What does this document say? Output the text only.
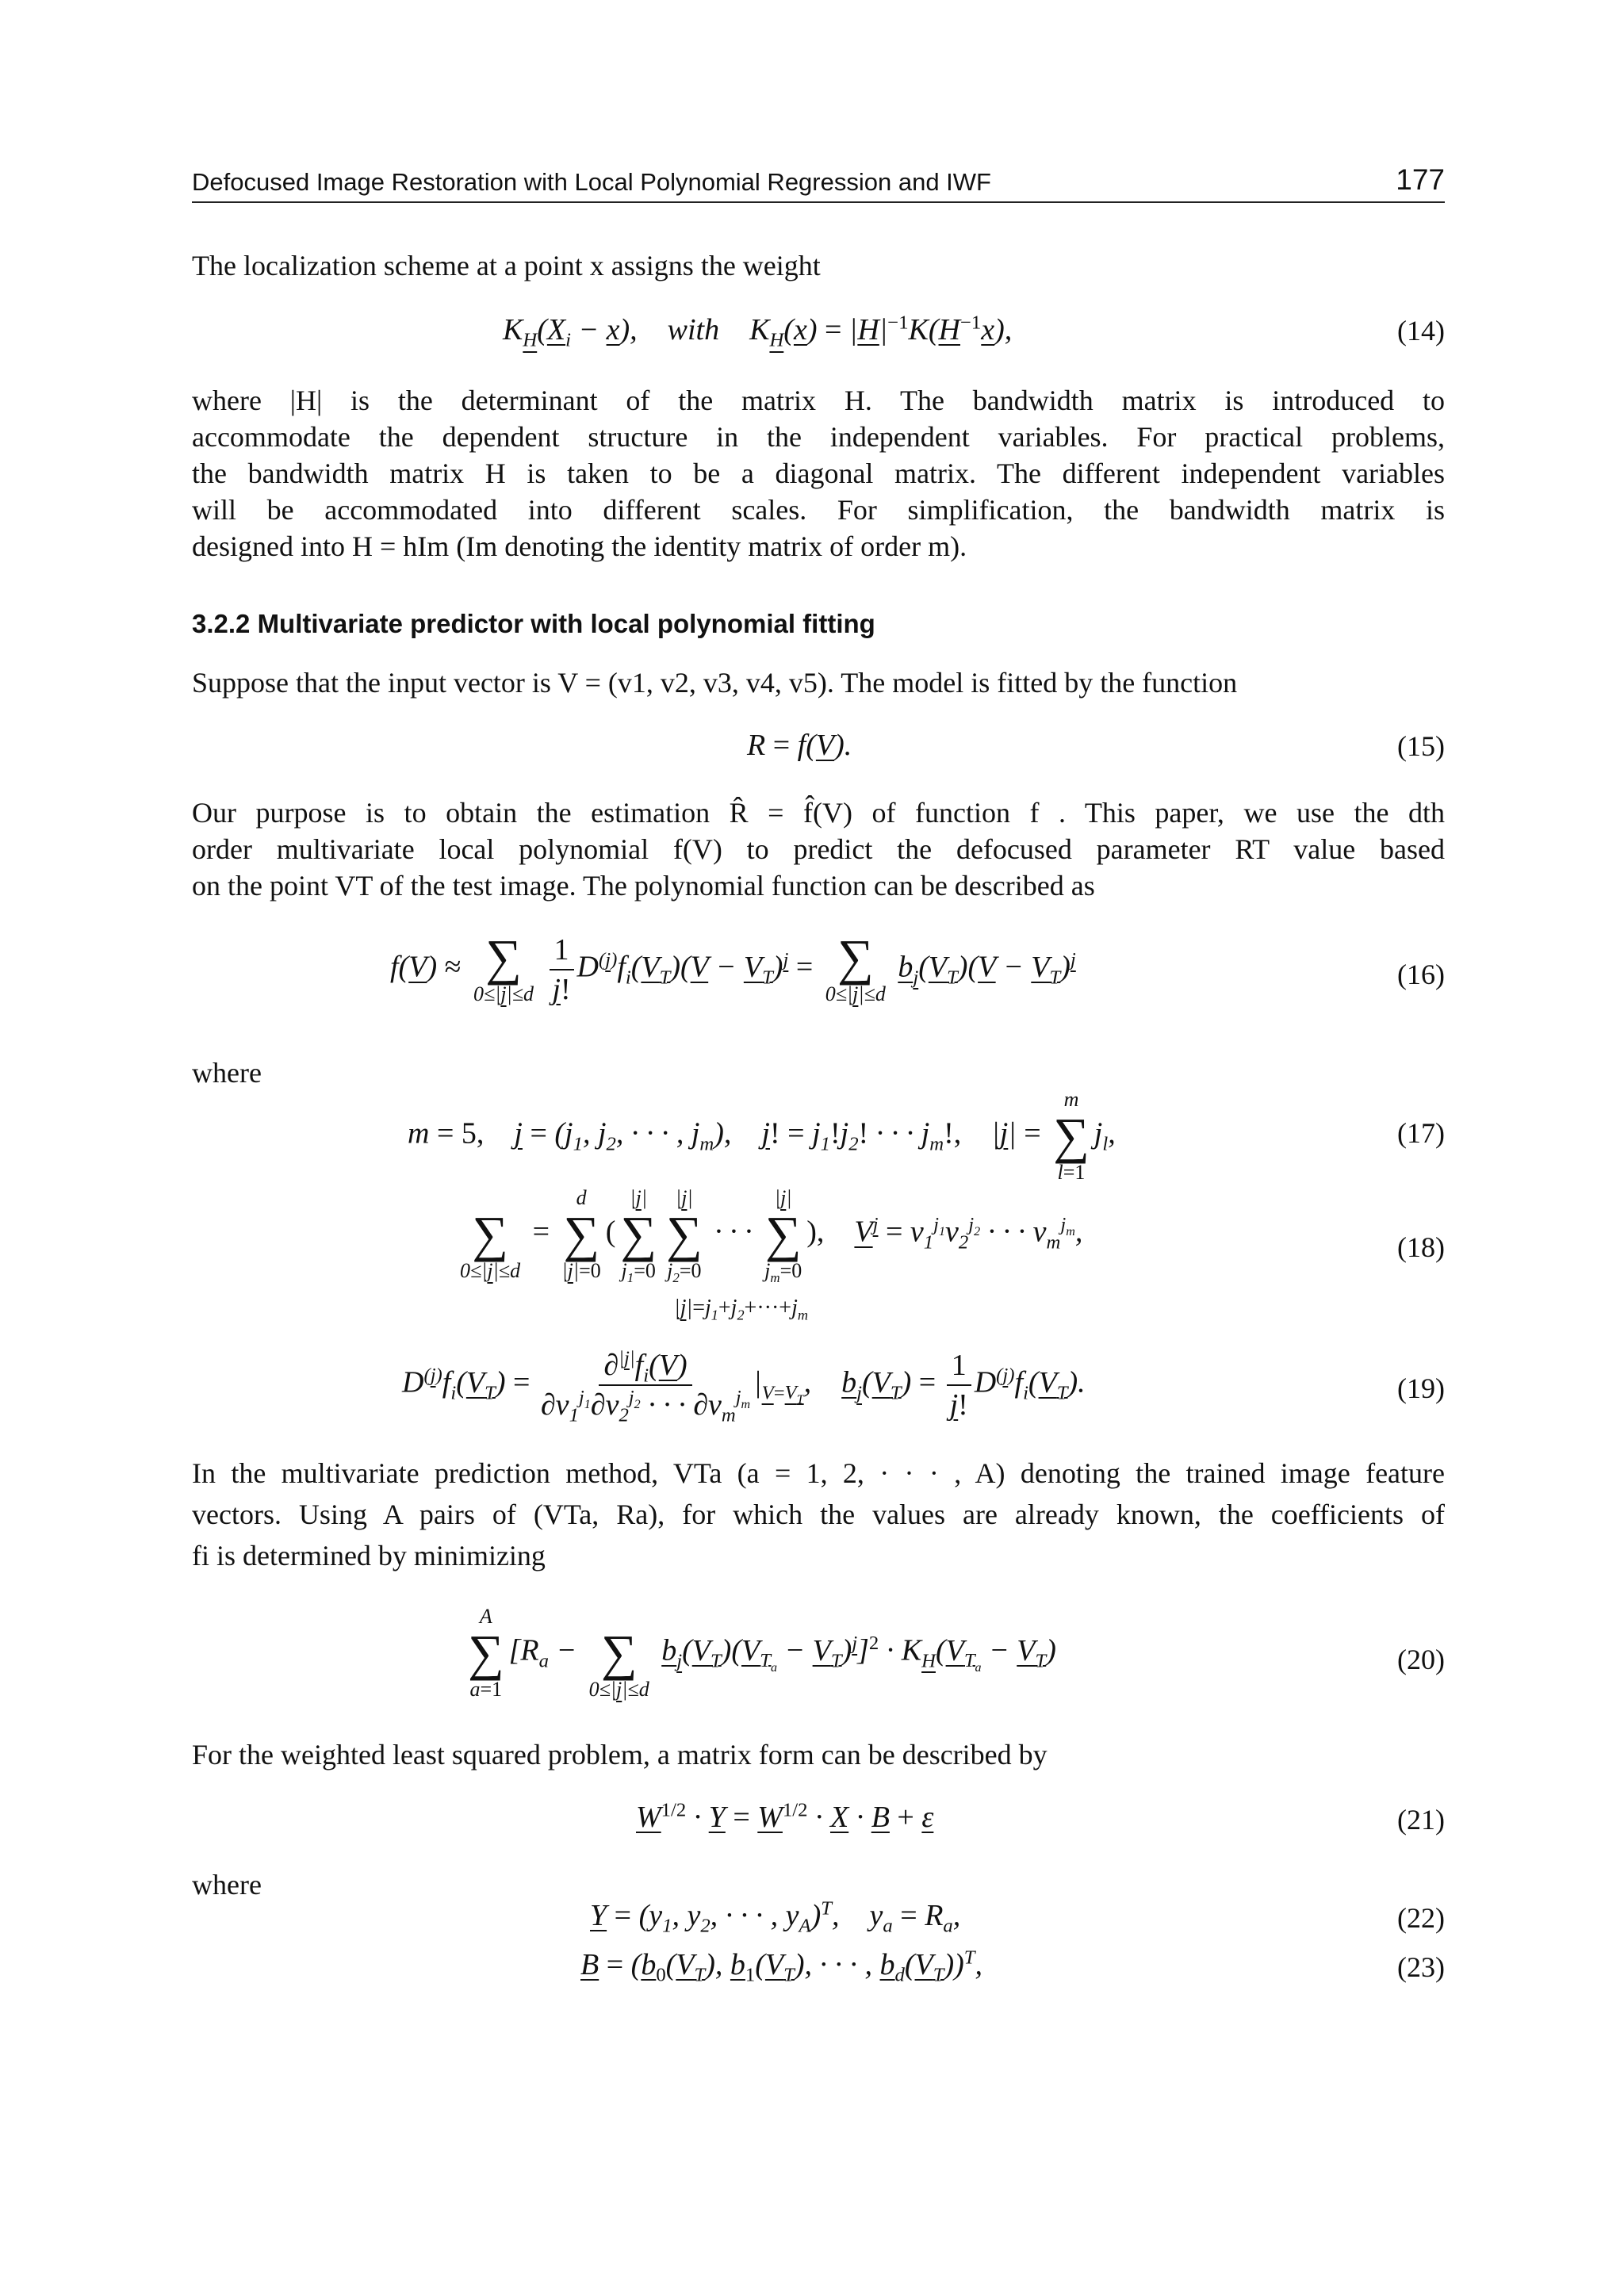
Defocused Image Restoration with Local Polynomial Regression and IWF	177
The localization scheme at a point x assigns the weight
$K_H(X_i - x)$,    with    $K_H(x) = |H|^{-1}K(H^{-1}x)$,	(14)
where |H| is the determinant of the matrix H. The bandwidth matrix is introduced to
accommodate the dependent structure in the independent variables. For practical problems,
the bandwidth matrix H is taken to be a diagonal matrix. The different independent variables
will be accommodated into different scales. For simplification, the bandwidth matrix is
designed into H = hIm (Im denoting the identity matrix of order m).
3.2.2 Multivariate predictor with local polynomial fitting
Suppose that the input vector is V = (v1, v2, v3, v4, v5). The model is fitted by the function
R = f(V).	(15)
Our purpose is to obtain the estimation R̂ = f̂(V) of function f . This paper, we use the dth
order multivariate local polynomial f(V) to predict the defocused parameter RT value based
on the point VT of the test image. The polynomial function can be described as
f(V) ≈ ∑
0≤|j|≤d
$\frac{1}{j!} D^{(j)}f_i(V_T)(V - V_T)^j$ = ∑
0≤|j|≤d
$b_j(V_T)(V - V_T)^j$	(16)
where
m = 5, $j = (j_1$, $j_2$, · · · , $j_m$),    j! = $j_1!j_2$! · · · $j_m$!,    |j| =
m
∑
l=1
$j_l$,	(17)

∑
0≤|j|≤d
=
d
∑
|j|=0
(
|j|
∑
$j_1=0$
|j|
∑
$j_2=0$
· · ·
|j|
∑
$j_m=0$
), $V^j = v_1^{j_1}v_2^{j_2}$ · · · $v_m^{j_m}$,
$|j|=j_1+j_2+\cdot\cdot\cdot+j_m$
(18)
$D^{(j)}f_i(V_T) = \frac{\partial^{|j|}f_i(V)}{\partial v_1^{j_1}\partial v_2^{j_2} \cdot \cdot \cdot \partial v_m^{j_m}} |_{V=V_T}$,    $b_j(V_T) = \frac{1}{j!} D^{(j)}f_i(V_T)$.	(19)
In the multivariate prediction method, VTa (a = 1, 2, · · · , A) denoting the trained image feature
vectors. Using A pairs of (VTa, Ra), for which the values are already known, the coefficients of
fi is determined by minimizing
A
∑
a=1
[$R_a$ −
∑
0≤|j|≤d
$b_j(V_T)(V_{T_a} - V_T)^j]^2 \cdot K_H(V_{T_a} - V_T)$	(20)
For the weighted least squared problem, a matrix form can be described by
$W^{1/2} \cdot Y = W^{1/2} \cdot X \cdot B + \varepsilon$	(21)
where
$Y = (y_1$, $y_2$, · · · , $y_A)^T$,    $y_a = R_a$,	(22)
$B = (b_0(V_T)$, $b_1(V_T)$, · · · , $b_d(V_T))^T$,	(23)
